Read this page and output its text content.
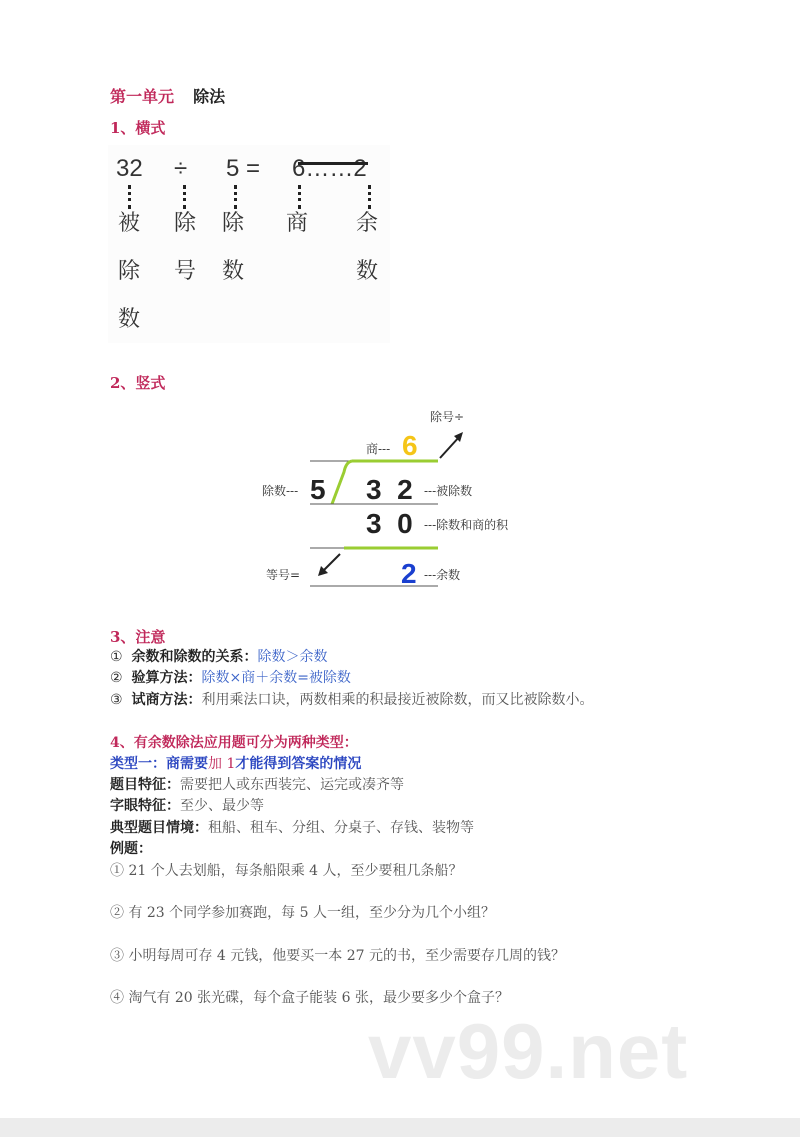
第一单元 除法
1、横式
32 ÷ 5 = 6……2
被
除
数
除
号
除
数
商 余
数
2、竖式
除号÷
商--- 6
除数--- 5 3  2 ---被除数
3  0 ---除数和商的积
等号=	2 ---余数
3、注意
① 余数和除数的关系：除数＞余数
② 验算方法：除数×商＋余数=被除数
③ 试商方法：利用乘法口诀，两数相乘的积最接近被除数，而又比被除数小。
4、有余数除法应用题可分为两种类型：
类型一：商需要加 1才能得到答案的情况
题目特征：需要把人或东西装完、运完或凑齐等
字眼特征：至少、最少等
典型题目情境：租船、租车、分组、分桌子、存钱、装物等
例题：
① 21 个人去划船，每条船限乘 4 人，至少要租几条船？
② 有 23 个同学参加赛跑，每 5 人一组，至少分为几个小组？
③ 小明每周可存 4 元钱，他要买一本 27 元的书，至少需要存几周的钱？
④ 淘气有 20 张光碟，每个盒子能装 6 张，最少要多少个盒子？
vv99.net
